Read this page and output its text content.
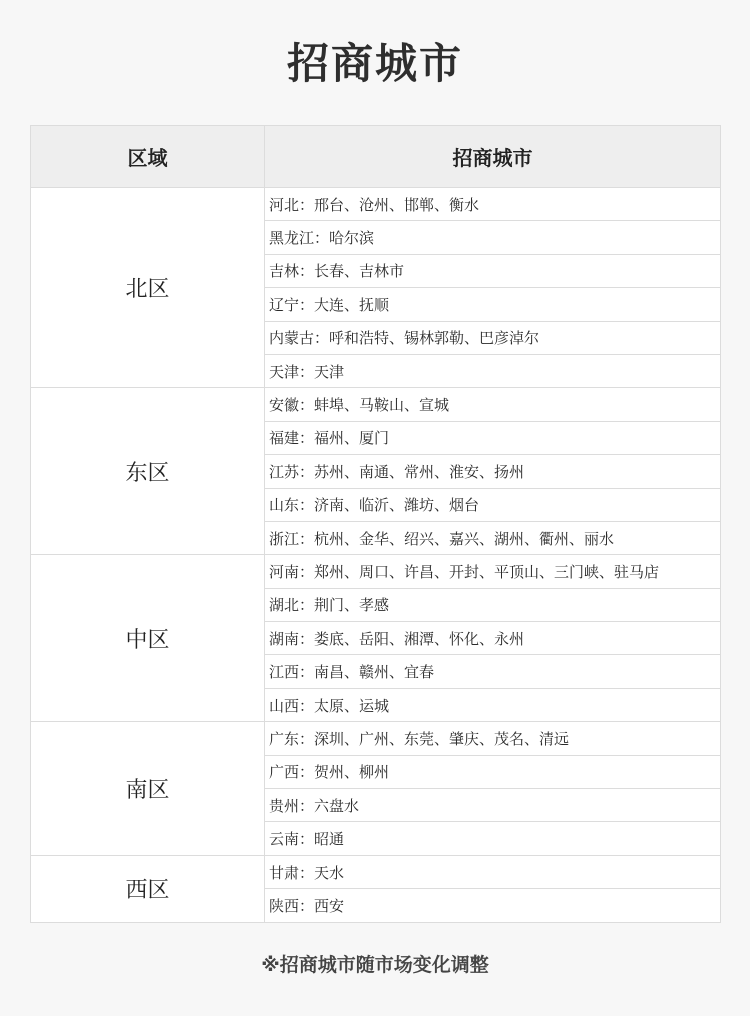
招商城市
区域	招商城市
北区	河北：邢台、沧州、邯郸、衡水
	黑龙江：哈尔滨
	吉林：长春、吉林市
	辽宁：大连、抚顺
	内蒙古：呼和浩特、锡林郭勒、巴彦淖尔
	天津：天津
东区	安徽：蚌埠、马鞍山、宣城
	福建：福州、厦门
	江苏：苏州、南通、常州、淮安、扬州
	山东：济南、临沂、潍坊、烟台
	浙江：杭州、金华、绍兴、嘉兴、湖州、衢州、丽水
中区	河南：郑州、周口、许昌、开封、平顶山、三门峡、驻马店
	湖北：荆门、孝感
	湖南：娄底、岳阳、湘潭、怀化、永州
	江西：南昌、赣州、宜春
	山西：太原、运城
南区	广东：深圳、广州、东莞、肇庆、茂名、清远
	广西：贺州、柳州
	贵州：六盘水
	云南：昭通
西区	甘肃：天水
	陕西：西安
※招商城市随市场变化调整
